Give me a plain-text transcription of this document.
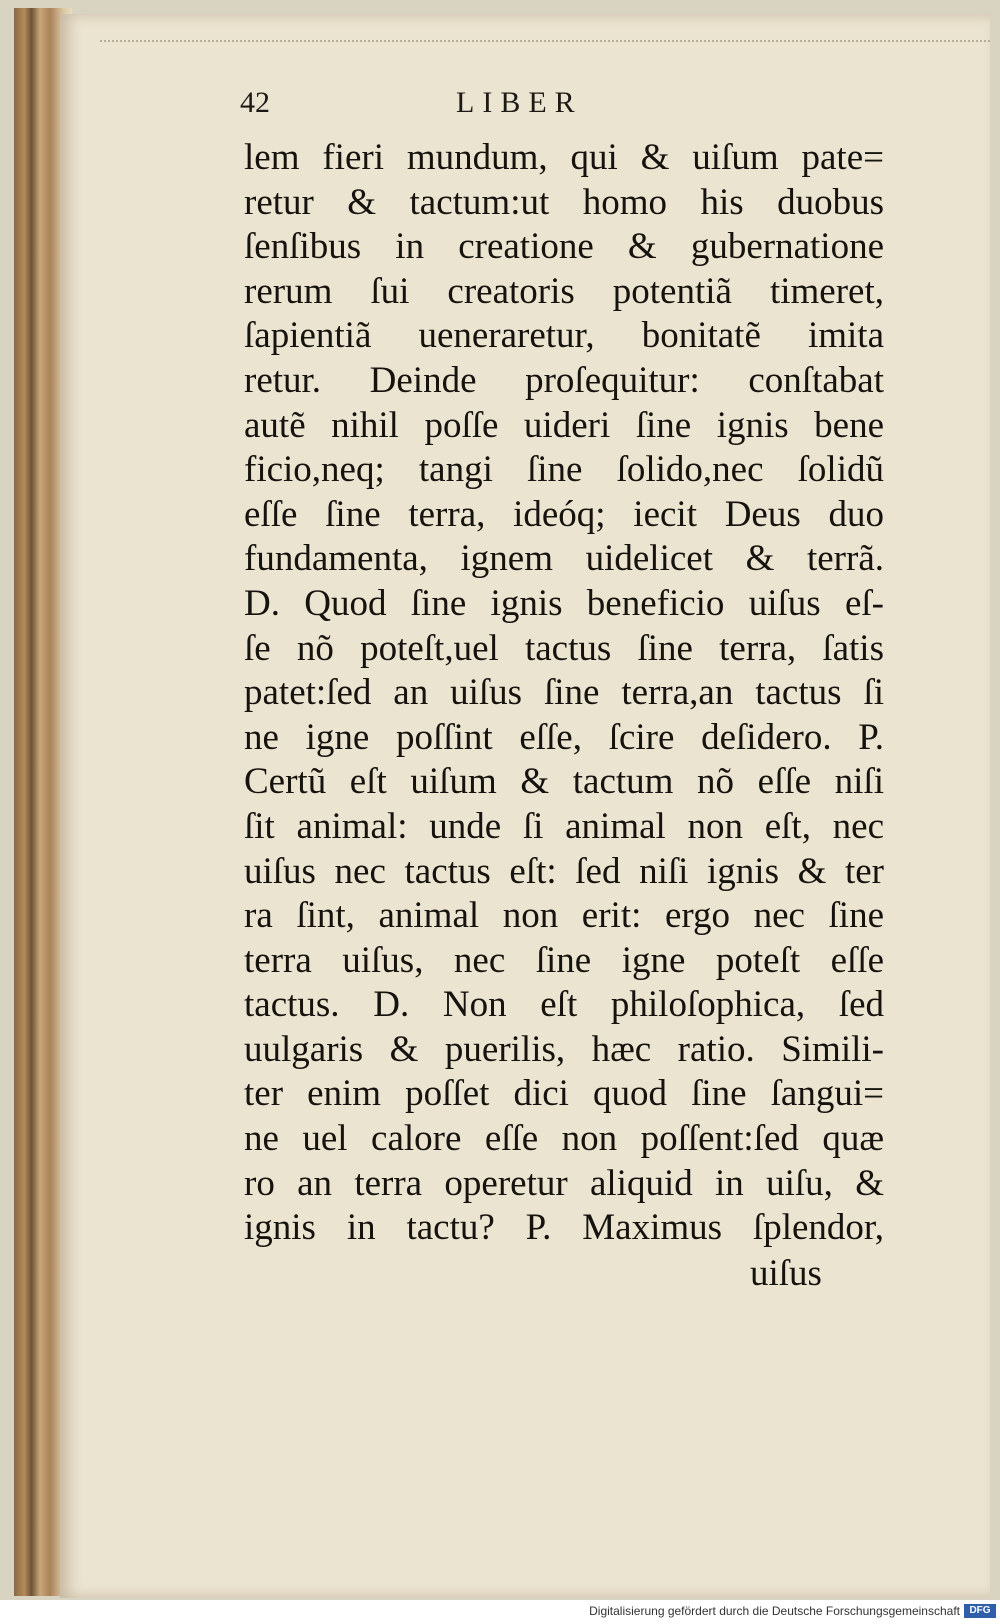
42	LIBER
lem fieri mundum, qui & uiſum pate=
retur & tactum:ut homo his duobus
ſenſibus in creatione & gubernatione
rerum ſui creatoris potentiã timeret,
ſapientiã ueneraretur, bonitatẽ imita
retur. Deinde proſequitur: conſtabat
autẽ nihil poſſe uideri ſine ignis bene
ficio,neq; tangi ſine ſolido,nec ſolidũ
eſſe ſine terra, ideóq; iecit Deus duo
fundamenta, ignem uidelicet & terrã.
D. Quod ſine ignis beneficio uiſus eſ-
ſe nõ poteſt,uel tactus ſine terra, ſatis
patet:ſed an uiſus ſine terra,an tactus ſi
ne igne poſſint eſſe, ſcire deſidero. P.
Certũ eſt uiſum & tactum nõ eſſe niſi
ſit animal: unde ſi animal non eſt, nec
uiſus nec tactus eſt: ſed niſi ignis & ter
ra ſint, animal non erit: ergo nec ſine
terra uiſus, nec ſine igne poteſt eſſe
tactus. D. Non eſt philoſophica, ſed
uulgaris & puerilis, hæc ratio. Simili-
ter enim poſſet dici quod ſine ſangui=
ne uel calore eſſe non poſſent:ſed quæ
ro an terra operetur aliquid in uiſu, &
ignis in tactu? P. Maximus ſplendor,
uiſus
Digitalisierung gefördert durch die Deutsche Forschungsgemeinschaft DFG
